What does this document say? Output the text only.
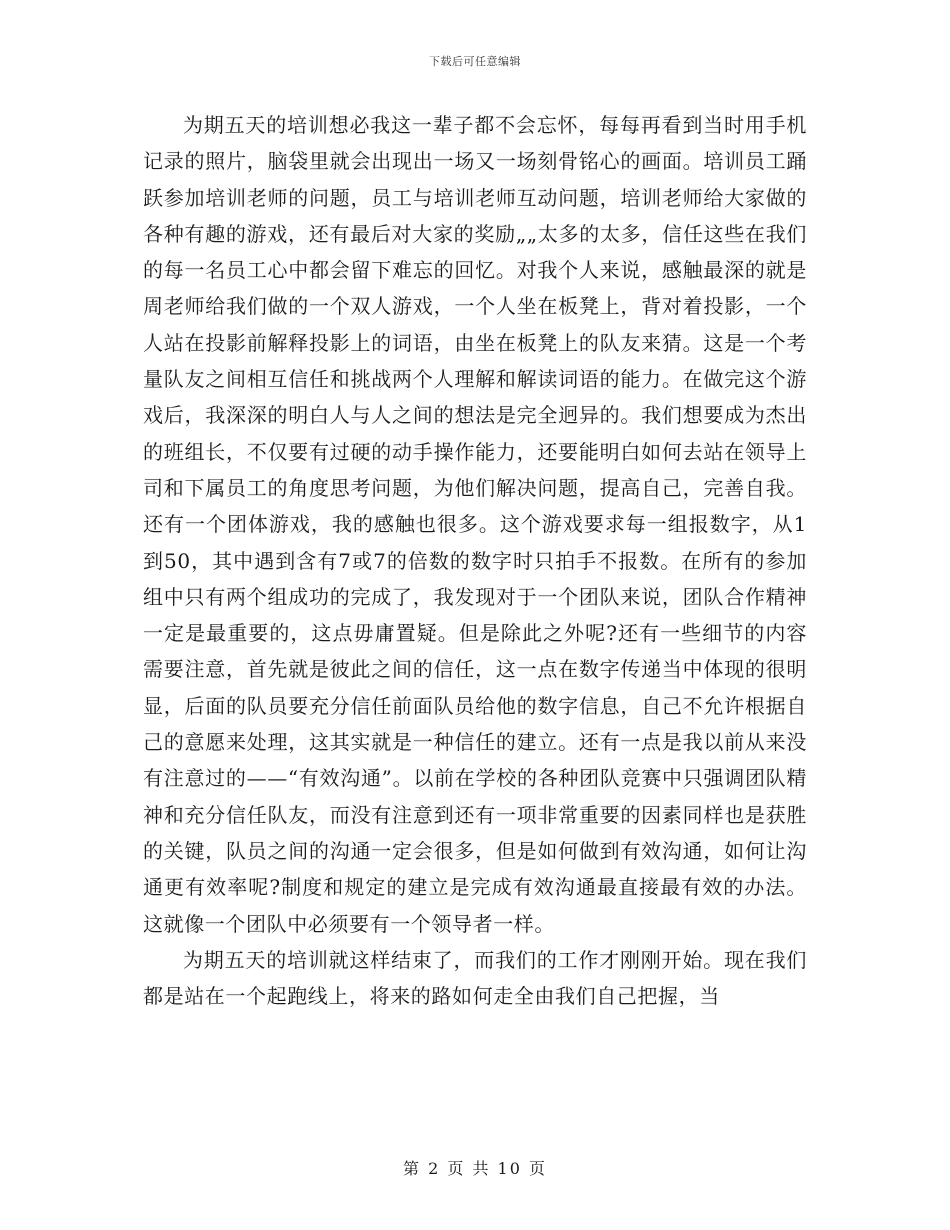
下载后可任意编辑

为期五天的培训想必我这一辈子都不会忘怀，每每再看到当时用手机记录的照片，脑袋里就会出现出一场又一场刻骨铭心的画面。培训员工踊跃参加培训老师的问题，员工与培训老师互动问题，培训老师给大家做的各种有趣的游戏，还有最后对大家的奖励„„太多的太多，信任这些在我们的每一名员工心中都会留下难忘的回忆。对我个人来说，感触最深的就是周老师给我们做的一个双人游戏，一个人坐在板凳上，背对着投影，一个人站在投影前解释投影上的词语，由坐在板凳上的队友来猜。这是一个考量队友之间相互信任和挑战两个人理解和解读词语的能力。在做完这个游戏后，我深深的明白人与人之间的想法是完全迥异的。我们想要成为杰出的班组长，不仅要有过硬的动手操作能力，还要能明白如何去站在领导上司和下属员工的角度思考问题，为他们解决问题，提高自己，完善自我。还有一个团体游戏，我的感触也很多。这个游戏要求每一组报数字，从1到50，其中遇到含有7或7的倍数的数字时只拍手不报数。在所有的参加组中只有两个组成功的完成了，我发现对于一个团队来说，团队合作精神一定是最重要的，这点毋庸置疑。但是除此之外呢?还有一些细节的内容需要注意，首先就是彼此之间的信任，这一点在数字传递当中体现的很明显，后面的队员要充分信任前面队员给他的数字信息，自己不允许根据自己的意愿来处理，这其实就是一种信任的建立。还有一点是我以前从来没有注意过的——“有效沟通”。以前在学校的各种团队竞赛中只强调团队精神和充分信任队友，而没有注意到还有一项非常重要的因素同样也是获胜的关键，队员之间的沟通一定会很多，但是如何做到有效沟通，如何让沟通更有效率呢?制度和规定的建立是完成有效沟通最直接最有效的办法。这就像一个团队中必须要有一个领导者一样。

为期五天的培训就这样结束了，而我们的工作才刚刚开始。现在我们都是站在一个起跑线上，将来的路如何走全由我们自己把握，当

第 2 页 共 10 页
